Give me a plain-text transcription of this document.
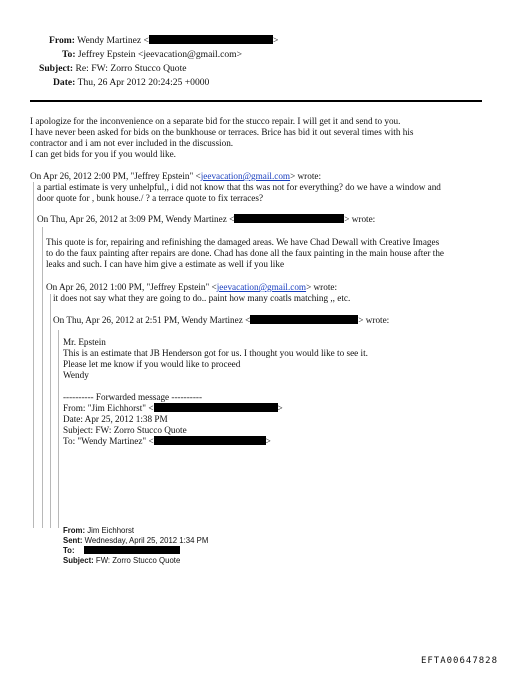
From: Wendy Martinez <	>
To: Jeffrey Epstein <jeevacation@gmail.com>
Subject: Re: FW: Zorro Stucco Quote
Date: Thu, 26 Apr 2012 20:24:25 +0000
I apologize for the inconvenience on a separate bid for the stucco repair. I will get it and send to you.
I have never been asked for bids on the bunkhouse or terraces. Brice has bid it out several times with his
contractor and i am not ever included in the discussion.
I can get bids for you if you would like.
On Apr 26, 2012 2:00 PM, "Jeffrey Epstein" <jeevacation@gmail.com> wrote:
a partial estimate is very unhelpful,, i did not know that ths was not for everything? do we have a window and
door quote for , bunk house./ ? a terrace quote to fix terraces?
On Thu, Apr 26, 2012 at 3:09 PM, Wendy Martinez <	> wrote:
This quote is for, repairing and refinishing the damaged areas. We have Chad Dewall with Creative Images
to do the faux painting after repairs are done. Chad has done all the faux painting in the main house after the
leaks and such. I can have him give a estimate as well if you like
On Apr 26, 2012 1:00 PM, "Jeffrey Epstein" <jeevacation@gmail.com> wrote:
it does not say what they are going to do.. paint how many coatls matching ,, etc.
On Thu, Apr 26, 2012 at 2:51 PM, Wendy Martinez <	> wrote:
Mr. Epstein
This is an estimate that JB Henderson got for us. I thought you would like to see it.
Please let me know if you would like to proceed
Wendy
---------- Forwarded message ----------
From: "Jim Eichhorst" <	>
Date: Apr 25, 2012 1:38 PM
Subject: FW: Zorro Stucco Quote
To: "Wendy Martinez" <	>
From: Jim Eichhorst
Sent: Wednesday, April 25, 2012 1:34 PM
To:
Subject: FW: Zorro Stucco Quote
EFTA00647828
